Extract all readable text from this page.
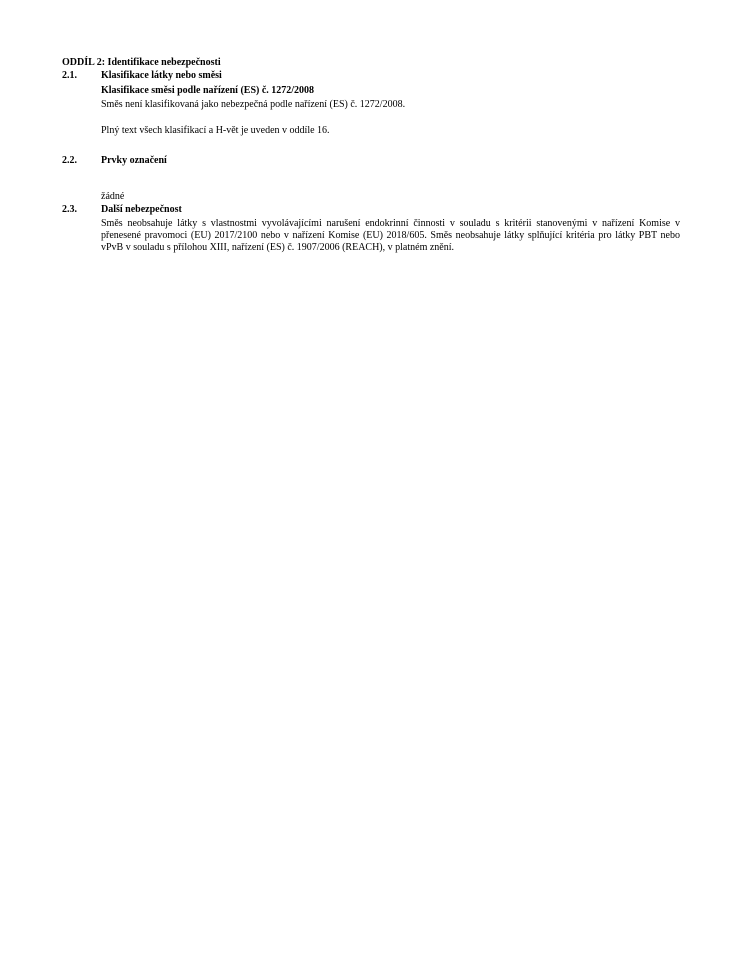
ODDÍL 2: Identifikace nebezpečnosti
2.1. Klasifikace látky nebo směsi
Klasifikace směsi podle nařízení (ES) č. 1272/2008
Směs není klasifikovaná jako nebezpečná podle nařízení (ES) č. 1272/2008.
Plný text všech klasifikací a H-vět je uveden v oddíle 16.
2.2. Prvky označení
žádné
2.3. Další nebezpečnost
Směs neobsahuje látky s vlastnostmi vyvolávajícími narušení endokrinní činnosti v souladu s kritérii stanovenými v nařízení Komise v přenesené pravomoci (EU) 2017/2100 nebo v nařízení Komise (EU) 2018/605. Směs neobsahuje látky splňující kritéria pro látky PBT nebo vPvB v souladu s přílohou XIII, nařízení (ES) č. 1907/2006 (REACH), v platném znění.
